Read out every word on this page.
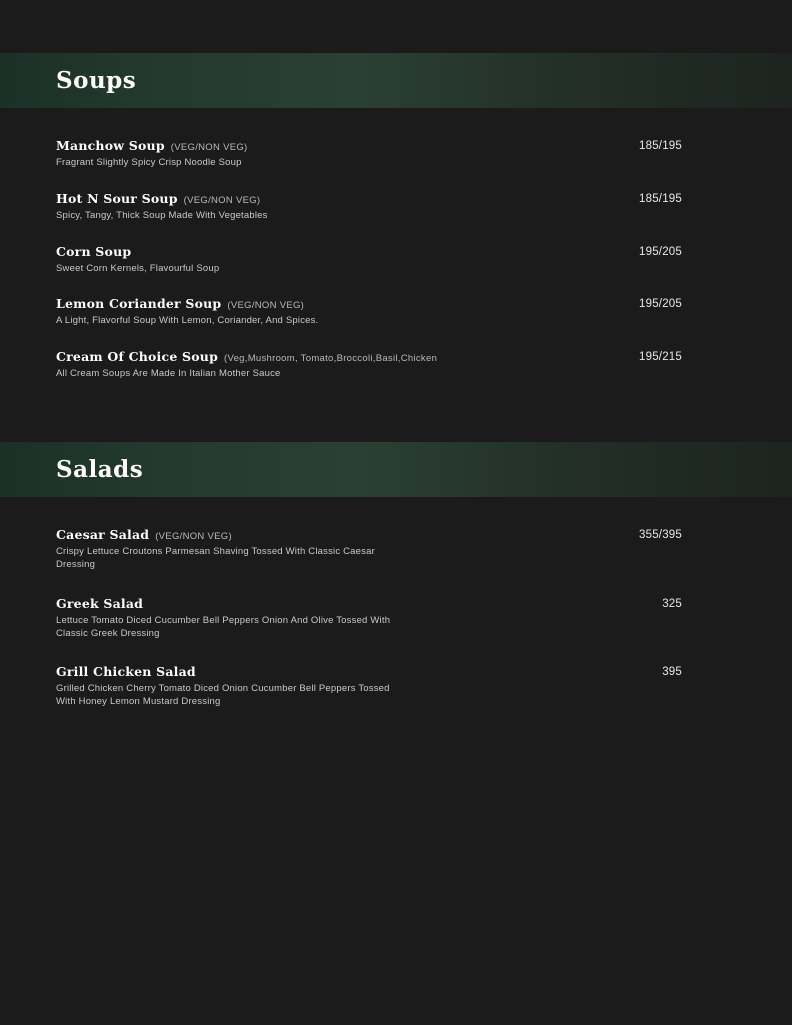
Soups
Manchow Soup (VEG/NON VEG)
Fragrant Slightly Spicy Crisp Noodle Soup
185/195
Hot N Sour Soup (VEG/NON VEG)
Spicy, Tangy, Thick Soup Made With Vegetables
185/195
Corn Soup
Sweet Corn Kernels, Flavourful Soup
195/205
Lemon Coriander Soup (VEG/NON VEG)
A Light, Flavorful Soup With Lemon, Coriander, And Spices.
195/205
Cream Of Choice Soup (Veg,Mushroom, Tomato,Broccoli,Basil,Chicken
All Cream Soups Are Made In Italian Mother Sauce
195/215
Salads
Caesar Salad (VEG/NON VEG)
Crispy Lettuce Croutons Parmesan Shaving Tossed With Classic Caesar Dressing
355/395
Greek Salad
Lettuce Tomato Diced Cucumber Bell Peppers Onion And Olive Tossed With Classic Greek Dressing
325
Grill Chicken Salad
Grilled Chicken Cherry Tomato Diced Onion Cucumber Bell Peppers Tossed With Honey Lemon Mustard Dressing
395
